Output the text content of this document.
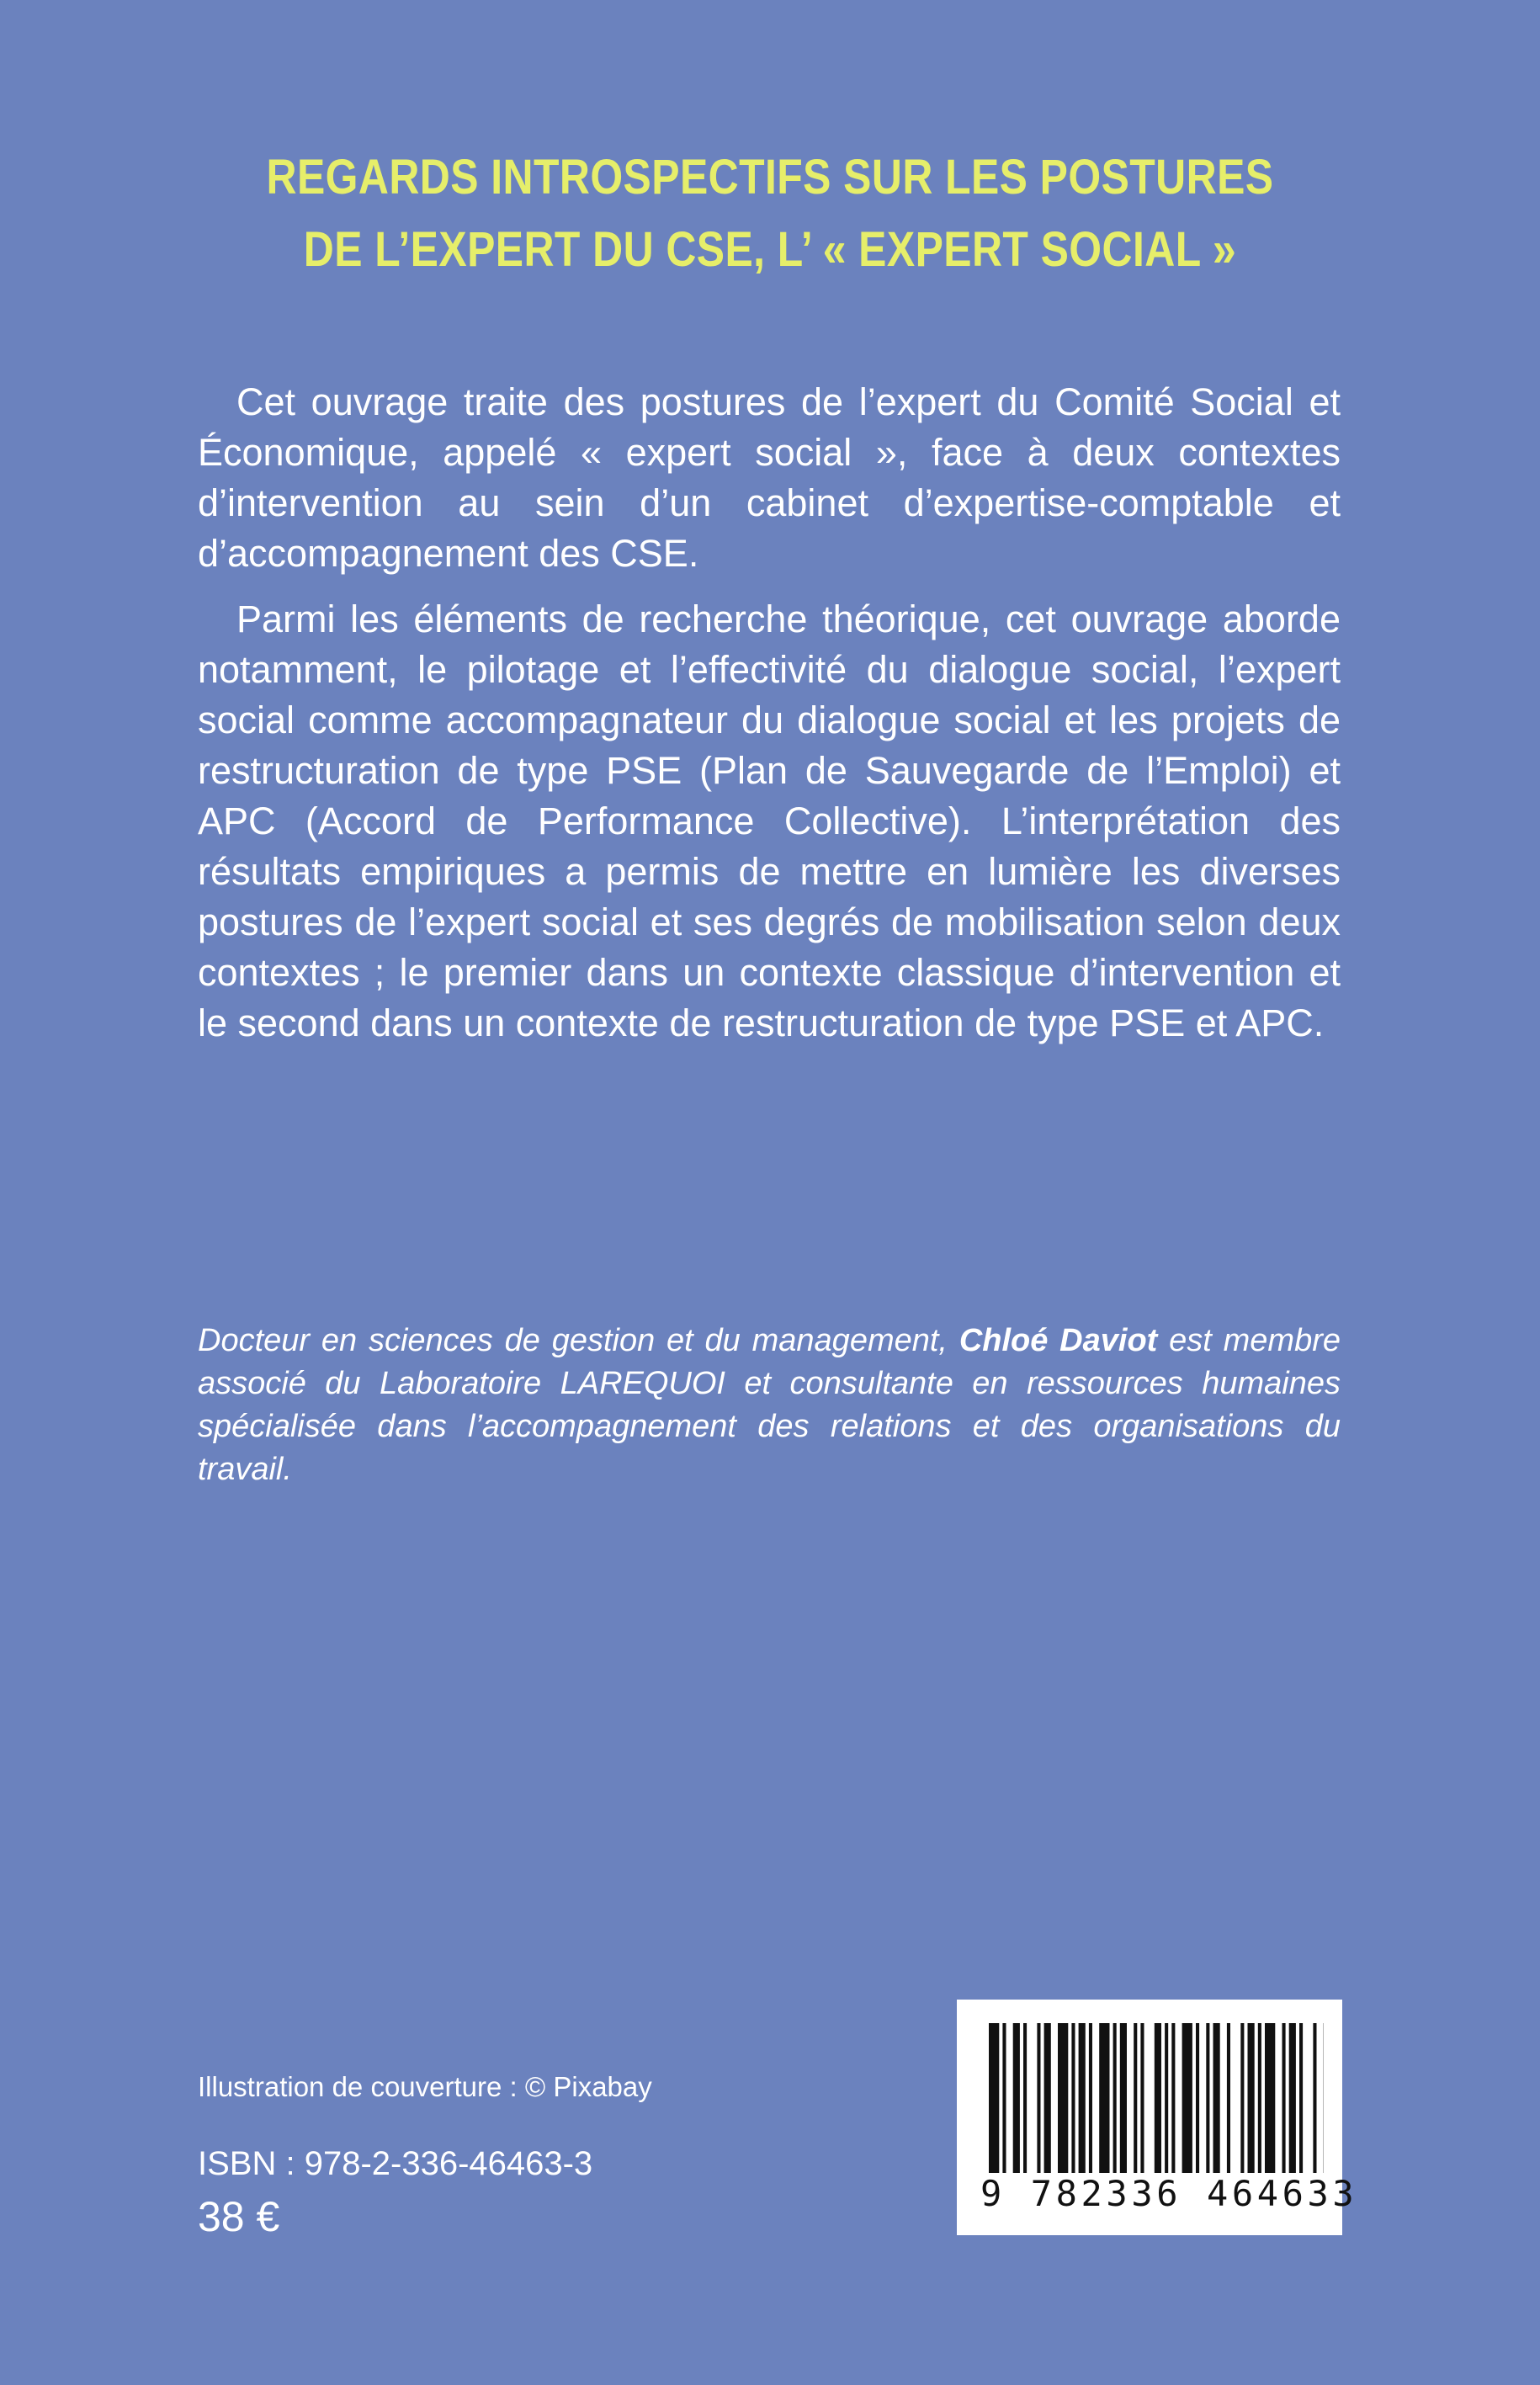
REGARDS INTROSPECTIFS SUR LES POSTURES
DE L’EXPERT DU CSE, L’ « EXPERT SOCIAL »

Cet ouvrage traite des postures de l’expert du Comité Social et Économique, appelé « expert social », face à deux contextes d’intervention au sein d’un cabinet d’expertise-comptable et d’accompagnement des CSE.

Parmi les éléments de recherche théorique, cet ouvrage aborde notamment, le pilotage et l’effectivité du dialogue social, l’expert social comme accompagnateur du dialogue social et les projets de restructuration de type PSE (Plan de Sauvegarde de l’Emploi) et APC (Accord de Performance Collective). L’interprétation des résultats empiriques a permis de mettre en lumière les diverses postures de l’expert social et ses degrés de mobilisation selon deux contextes ; le premier dans un contexte classique d’intervention et le second dans un contexte de restructuration de type PSE et APC.

Docteur en sciences de gestion et du management, Chloé Daviot est membre associé du Laboratoire LAREQUOI et consultante en ressources humaines spécialisée dans l’accompagnement des relations et des organisations du travail.
Illustration de couverture : © Pixabay
ISBN : 978-2-336-46463-3
38 €	9 782336 464633
